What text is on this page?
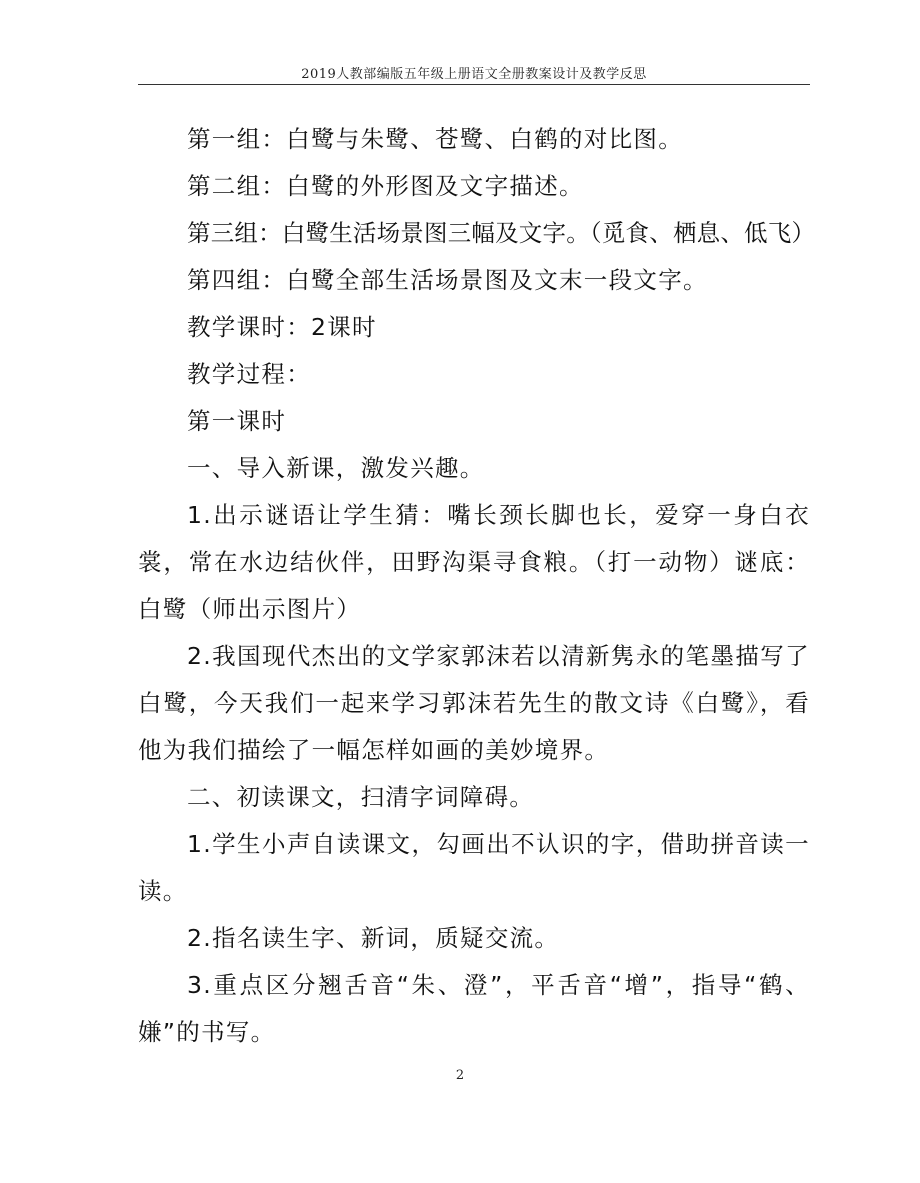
2019人教部编版五年级上册语文全册教案设计及教学反思

第一组：白鹭与朱鹭、苍鹭、白鹤的对比图。

第二组：白鹭的外形图及文字描述。

第三组：白鹭生活场景图三幅及文字。（觅食、栖息、低飞）

第四组：白鹭全部生活场景图及文末一段文字。

教学课时：2课时

教学过程：

第一课时

一、导入新课，激发兴趣。

1.出示谜语让学生猜：嘴长颈长脚也长，爱穿一身白衣裳，常在水边结伙伴，田野沟渠寻食粮。（打一动物）谜底：白鹭（师出示图片）

2.我国现代杰出的文学家郭沫若以清新隽永的笔墨描写了白鹭，今天我们一起来学习郭沫若先生的散文诗《白鹭》，看他为我们描绘了一幅怎样如画的美妙境界。

二、初读课文，扫清字词障碍。

1.学生小声自读课文，勾画出不认识的字，借助拼音读一读。

2.指名读生字、新词，质疑交流。

3.重点区分翘舌音“朱、澄”，平舌音“增”，指导“鹤、嫌”的书写。

2
